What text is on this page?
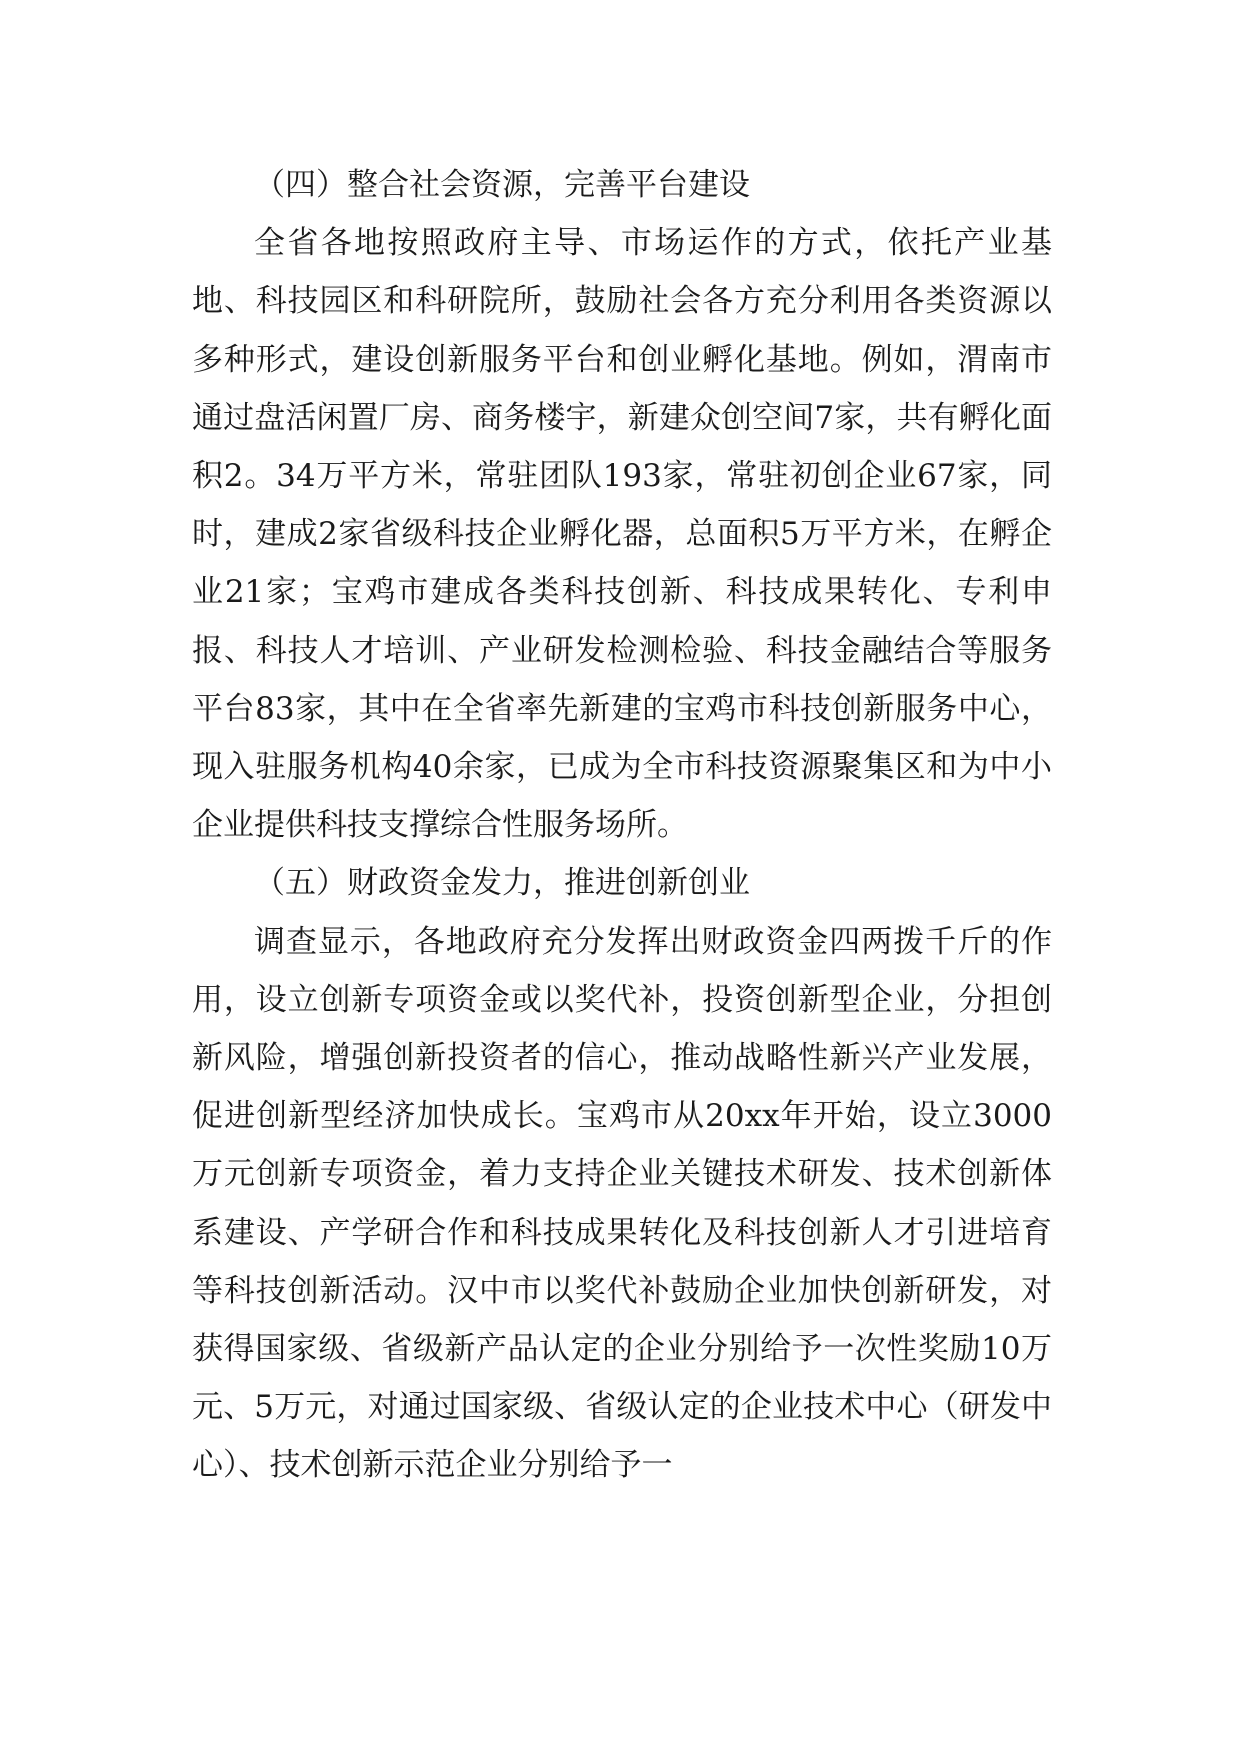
（四）整合社会资源，完善平台建设

全省各地按照政府主导、市场运作的方式，依托产业基地、科技园区和科研院所，鼓励社会各方充分利用各类资源以多种形式，建设创新服务平台和创业孵化基地。例如，渭南市通过盘活闲置厂房、商务楼宇，新建众创空间7家，共有孵化面积2。34万平方米，常驻团队193家，常驻初创企业67家，同时，建成2家省级科技企业孵化器，总面积5万平方米，在孵企业21家；宝鸡市建成各类科技创新、科技成果转化、专利申报、科技人才培训、产业研发检测检验、科技金融结合等服务平台83家，其中在全省率先新建的宝鸡市科技创新服务中心，现入驻服务机构40余家，已成为全市科技资源聚集区和为中小企业提供科技支撑综合性服务场所。

（五）财政资金发力，推进创新创业

调查显示，各地政府充分发挥出财政资金四两拨千斤的作用，设立创新专项资金或以奖代补，投资创新型企业，分担创新风险，增强创新投资者的信心，推动战略性新兴产业发展，促进创新型经济加快成长。宝鸡市从20xx年开始，设立3000万元创新专项资金，着力支持企业关键技术研发、技术创新体系建设、产学研合作和科技成果转化及科技创新人才引进培育等科技创新活动。汉中市以奖代补鼓励企业加快创新研发，对获得国家级、省级新产品认定的企业分别给予一次性奖励10万元、5万元，对通过国家级、省级认定的企业技术中心（研发中心）、技术创新示范企业分别给予一
